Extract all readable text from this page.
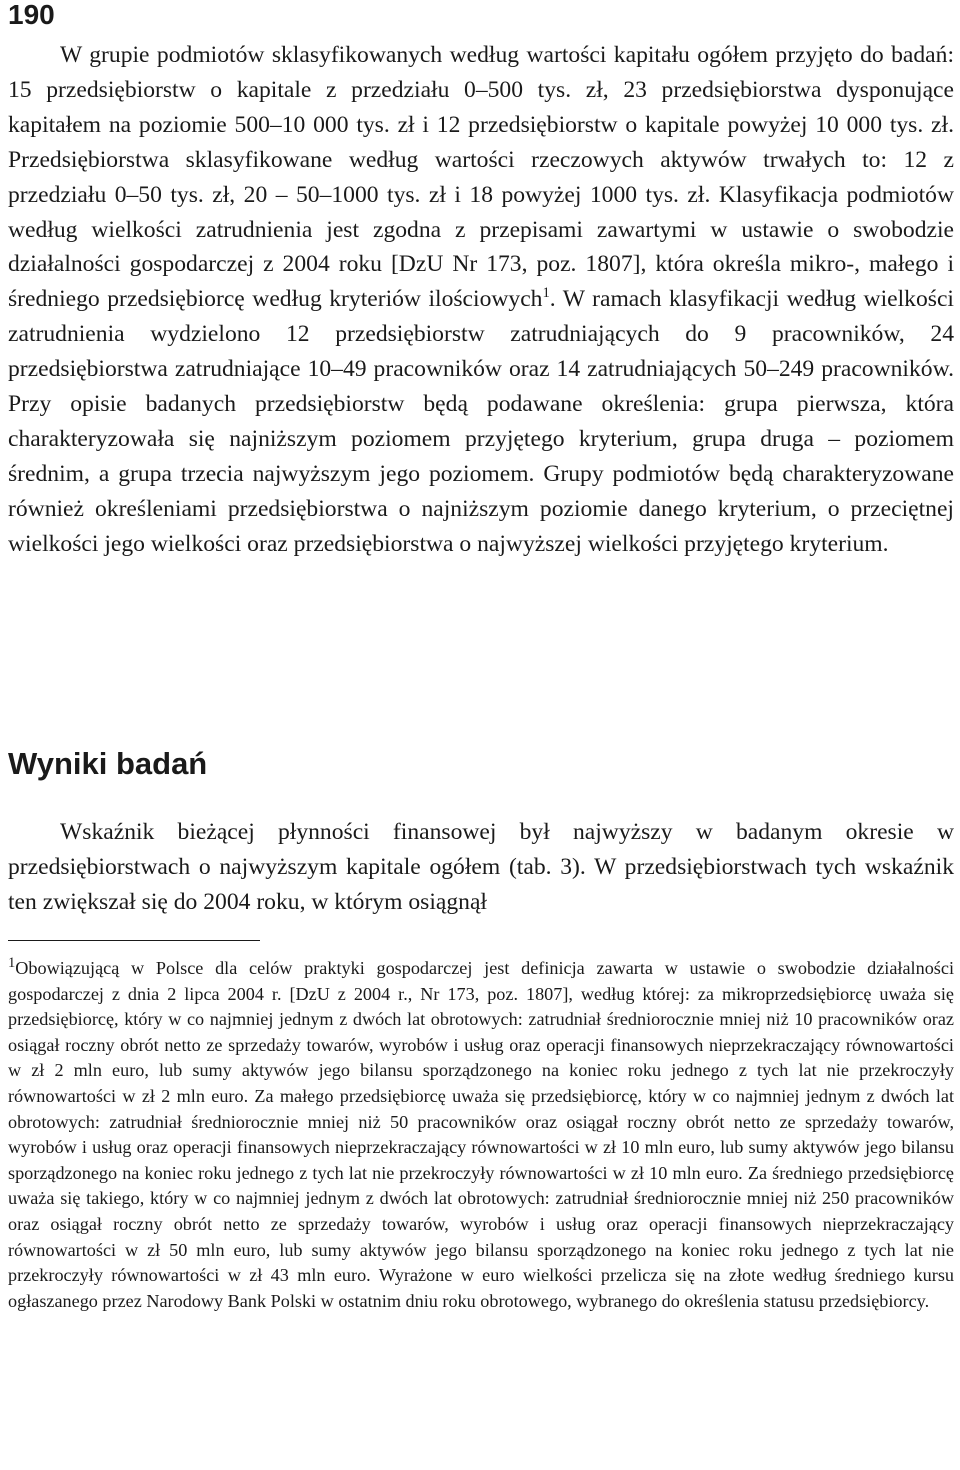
190

W grupie podmiotów sklasyfikowanych według wartości kapitału ogółem przyjęto do badań: 15 przedsiębiorstw o kapitale z przedziału 0–500 tys. zł, 23 przedsiębiorstwa dysponujące kapitałem na poziomie 500–10 000 tys. zł i 12 przedsiębiorstw o kapitale powyżej 10 000 tys. zł. Przedsiębiorstwa sklasyfikowane według wartości rzeczowych aktywów trwałych to: 12 z przedziału 0–50 tys. zł, 20 – 50–1000 tys. zł i 18 powyżej 1000 tys. zł. Klasyfikacja podmiotów według wielkości zatrudnienia jest zgodna z przepisami zawartymi w ustawie o swobodzie działalności gospodarczej z 2004 roku [DzU Nr 173, poz. 1807], która określa mikro-, małego i średniego przedsiębiorcę według kryteriów ilościowych$^1$. W ramach klasyfikacji według wielkości zatrudnienia wydzielono 12 przedsiębiorstw zatrudniających do 9 pracowników, 24 przedsiębiorstwa zatrudniające 10–49 pracowników oraz 14 zatrudniających 50–249 pracowników. Przy opisie badanych przedsiębiorstw będą podawane określenia: grupa pierwsza, która charakteryzowała się najniższym poziomem przyjętego kryterium, grupa druga – poziomem średnim, a grupa trzecia najwyższym jego poziomem. Grupy podmiotów będą charakteryzowane również określeniami przedsiębiorstwa o najniższym poziomie danego kryterium, o przeciętnej wielkości jego wielkości oraz przedsiębiorstwa o najwyższej wielkości przyjętego kryterium.

Wyniki badań

Wskaźnik bieżącej płynności finansowej był najwyższy w badanym okresie w przedsiębiorstwach o najwyższym kapitale ogółem (tab. 3). W przedsiębiorstwach tych wskaźnik ten zwiększał się do 2004 roku, w którym osiągnął

$^1$Obowiązującą w Polsce dla celów praktyki gospodarczej jest definicja zawarta w ustawie o swobodzie działalności gospodarczej z dnia 2 lipca 2004 r. [DzU z 2004 r., Nr 173, poz. 1807], według której: za mikroprzedsiębiorcę uważa się przedsiębiorcę, który w co najmniej jednym z dwóch lat obrotowych: zatrudniał średniorocznie mniej niż 10 pracowników oraz osiągał roczny obrót netto ze sprzedaży towarów, wyrobów i usług oraz operacji finansowych nieprzekraczający równowartości w zł 2 mln euro, lub sumy aktywów jego bilansu sporządzonego na koniec roku jednego z tych lat nie przekroczyły równowartości w zł 2 mln euro. Za małego przedsiębiorcę uważa się przedsiębiorcę, który w co najmniej jednym z dwóch lat obrotowych: zatrudniał średniorocznie mniej niż 50 pracowników oraz osiągał roczny obrót netto ze sprzedaży towarów, wyrobów i usług oraz operacji finansowych nieprzekraczający równowartości w zł 10 mln euro, lub sumy aktywów jego bilansu sporządzonego na koniec roku jednego z tych lat nie przekroczyły równowartości w zł 10 mln euro. Za średniego przedsiębiorcę uważa się takiego, który w co najmniej jednym z dwóch lat obrotowych: zatrudniał średniorocznie mniej niż 250 pracowników oraz osiągał roczny obrót netto ze sprzedaży towarów, wyrobów i usług oraz operacji finansowych nieprzekraczający równowartości w zł 50 mln euro, lub sumy aktywów jego bilansu sporządzonego na koniec roku jednego z tych lat nie przekroczyły równowartości w zł 43 mln euro. Wyrażone w euro wielkości przelicza się na złote według średniego kursu ogłaszanego przez Narodowy Bank Polski w ostatnim dniu roku obrotowego, wybranego do określenia statusu przedsiębiorcy.
